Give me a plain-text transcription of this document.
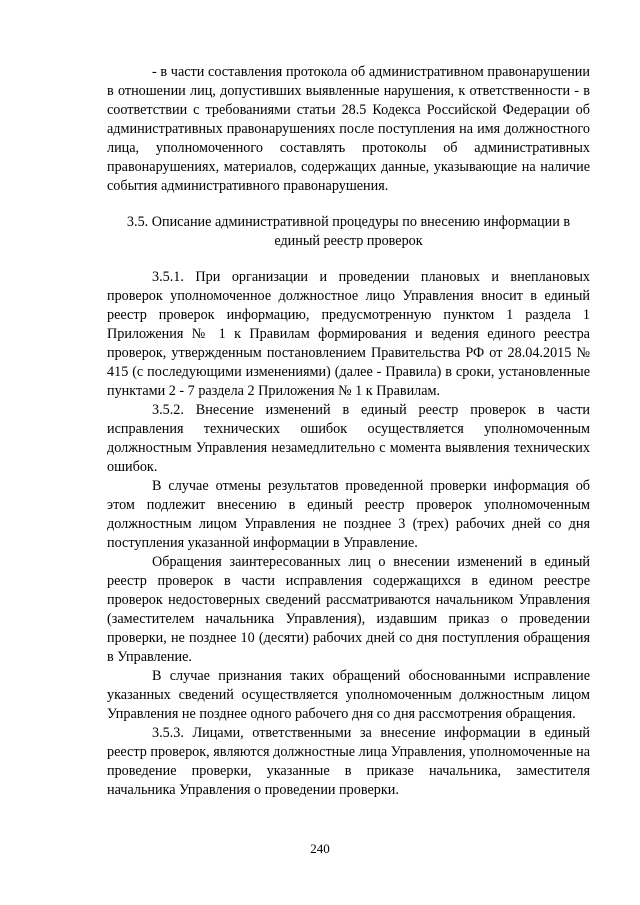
- в части составления протокола об административном правонарушении в отношении лиц, допустивших выявленные нарушения, к ответственности - в соответствии с требованиями статьи 28.5 Кодекса Российской Федерации об административных правонарушениях после поступления на имя должностного лица, уполномоченного составлять протоколы об административных правонарушениях, материалов, содержащих данные, указывающие на наличие события административного правонарушения.

3.5. Описание административной процедуры по внесению информации в единый реестр проверок

3.5.1. При организации и проведении плановых и внеплановых проверок уполномоченное должностное лицо Управления вносит в единый реестр проверок информацию, предусмотренную пунктом 1 раздела 1 Приложения № 1 к Правилам формирования и ведения единого реестра проверок, утвержденным постановлением Правительства РФ от 28.04.2015 № 415 (с последующими изменениями) (далее - Правила) в сроки, установленные пунктами 2 - 7 раздела 2 Приложения № 1 к Правилам.

3.5.2. Внесение изменений в единый реестр проверок в части исправления технических ошибок осуществляется уполномоченным должностным Управления незамедлительно с момента выявления технических ошибок.

В случае отмены результатов проведенной проверки информация об этом подлежит внесению в единый реестр проверок уполномоченным должностным лицом Управления не позднее 3 (трех) рабочих дней со дня поступления указанной информации в Управление.

Обращения заинтересованных лиц о внесении изменений в единый реестр проверок в части исправления содержащихся в едином реестре проверок недостоверных сведений рассматриваются начальником Управления (заместителем начальника Управления), издавшим приказ о проведении проверки, не позднее 10 (десяти) рабочих дней со дня поступления обращения в Управление.

В случае признания таких обращений обоснованными исправление указанных сведений осуществляется уполномоченным должностным лицом Управления не позднее одного рабочего дня со дня рассмотрения обращения.

3.5.3. Лицами, ответственными за внесение информации в единый реестр проверок, являются должностные лица Управления, уполномоченные на проведение проверки, указанные в приказе начальника, заместителя начальника Управления о проведении проверки.

240
